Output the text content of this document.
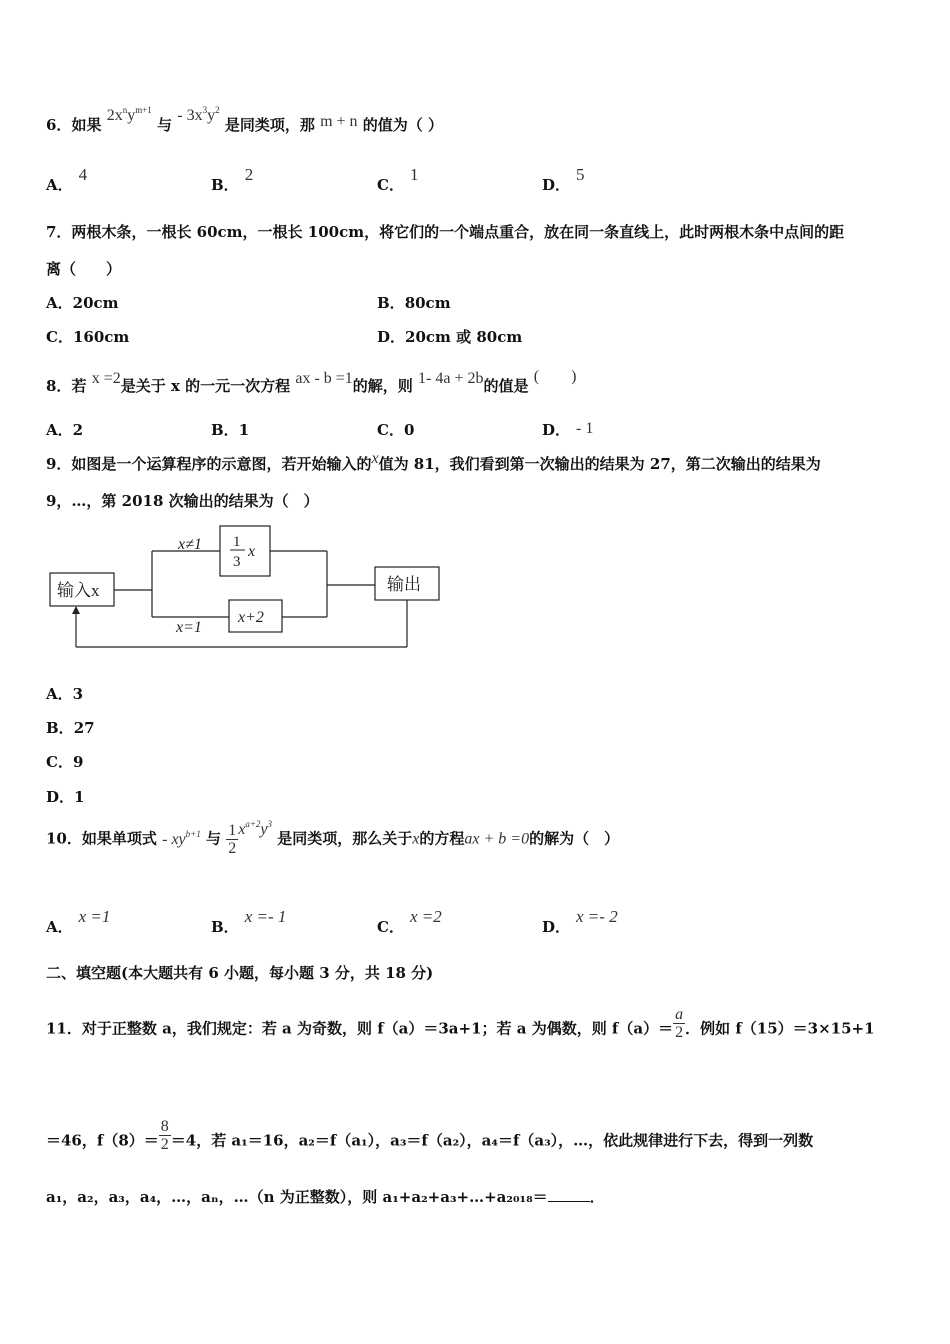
6．如果 $2x^ny^{m+1}$ 与 - $3x^3y^2$ 是同类项，那 m + n 的值为（ ）
A．4
B．2
C．1
D．5
7．两根木条，一根长 60cm，一根长 100cm，将它们的一个端点重合，放在同一条直线上，此时两根木条中点间的距
离（　　）
A．20cm	B．80cm
C．160cm	D．20cm 或 80cm
8．若 x =2是关于 x 的一元一次方程 ax - b =1的解，则 1- 4a + 2b的值是 (　　)
A．2	B．1	C．0	D． - 1
9．如图是一个运算程序的示意图，若开始输入的x值为 81，我们看到第一次输出的结果为 27，第二次输出的结果为
9，…，第 2018 次输出的结果为（　）
输入x
x≠1 1
3
x
x=1
x+2
输出
A．3
B．27
C．9
D．1
10．如果单项式 - $xy^{b+1}$ 与 $\frac{1}{2} x^{a+2}y^3$ 是同类项，那么关于x的方程ax + b =0的解为（　）
A．x =1
B．x =- 1
C．x =2
D．x =- 2
二、填空题(本大题共有 6 小题，每小题 3 分，共 18 分)
11．对于正整数 a，我们规定：若 a 为奇数，则 f（a）＝3a+1；若 a 为偶数，则 $f(a)= \frac{a}{2}$ ．例如 f（15）＝3×15+1
＝46，$f(8)= \frac{8}{2} =4$，若 a₁＝16，a₂＝f（a₁），a₃＝f（a₂），a₄＝f（a₃），…，依此规律进行下去，得到一列数
a₁，a₂，a₃，a₄，…，aₙ，…（n 为正整数），则 a₁+a₂+a₃+…+a₂₀₁₈＝	．
